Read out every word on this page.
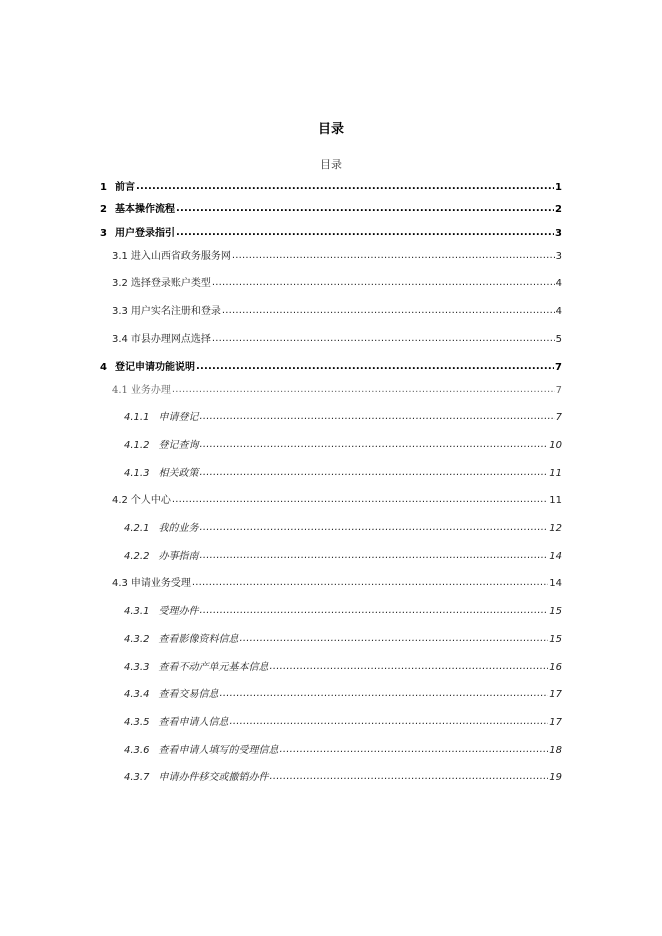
目录
目录
1 前言 .....	1
2 基本操作流程 .....	2
3 用户登录指引 .....	3
3.1 进入山西省政务服务网 .....	3
3.2 选择登录账户类型 .....	4
3.3 用户实名注册和登录 .....	4
3.4 市县办理网点选择 .....	5
4 登记申请功能说明 .....	7
4.1 业务办理 .....	7
4.1.1 申请登记 .....	7
4.1.2 登记查询 .....	10
4.1.3 相关政策 .....	11
4.2 个人中心 .....	11
4.2.1 我的业务 .....	12
4.2.2 办事指南 .....	14
4.3 申请业务受理 .....	14
4.3.1 受理办件 .....	15
4.3.2 查看影像资料信息 .....	15
4.3.3 查看不动产单元基本信息 .....	16
4.3.4 查看交易信息 .....	17
4.3.5 查看申请人信息 .....	17
4.3.6 查看申请人填写的受理信息 .....	18
4.3.7 申请办件移交或撤销办件 .....	19
